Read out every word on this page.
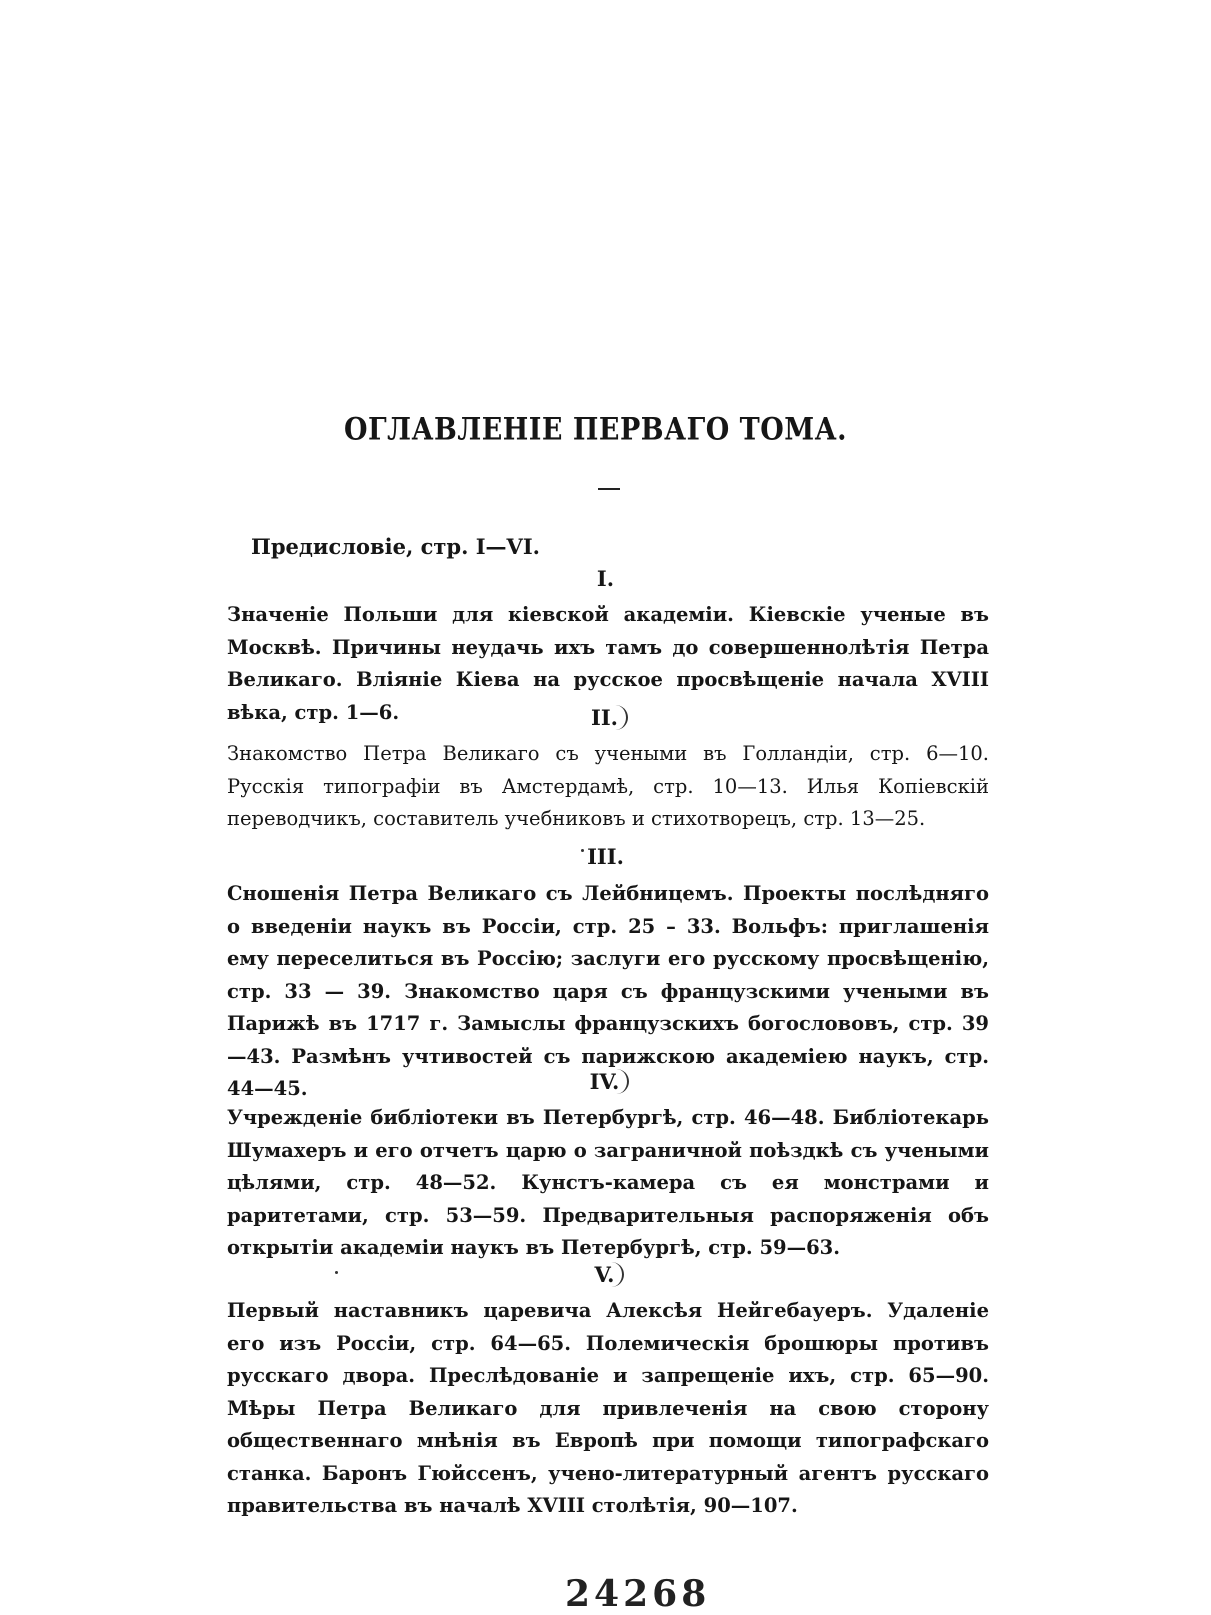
ОГЛАВЛЕНІЕ ПЕРВАГО ТОМА.
Предисловіе, стр. I—VI.
I.
Значеніе Польши для кіевской академіи. Кіевскіе ученые въ Москвѣ. Причины неудачь ихъ тамъ до совершеннолѣтія Петра Великаго. Вліяніе Кіева на русское просвѣщеніе начала XVIII вѣка, стр. 1—6.	II.
Знакомство Петра Великаго съ учеными въ Голландіи, стр. 6—10. Русскія типографіи въ Амстердамѣ, стр. 10—13. Илья Копіевскій переводчикъ, составитель учебниковъ и стихотворецъ, стр. 13—25.
III.
Сношенія Петра Великаго съ Лейбницемъ. Проекты послѣдняго о введеніи наукъ въ Россіи, стр. 25 – 33. Вольфъ: приглашенія ему переселиться въ Россію; заслуги его русскому просвѣщенію, стр. 33 — 39. Знакомство царя съ французскими учеными въ Парижѣ въ 1717 г. Замыслы французскихъ богослововъ, стр. 39—43. Размѣнъ учтивостей съ парижскою академіею наукъ, стр. 44—45.	IV.
Учрежденіе библіотеки въ Петербургѣ, стр. 46—48. Библіотекарь Шумахеръ и его отчетъ царю о заграничной поѣздкѣ съ учеными цѣлями, стр. 48—52. Кунстъ-камера съ ея монстрами и раритетами, стр. 53—59. Предварительныя распоряженія объ открытіи академіи наукъ въ Петербургѣ, стр. 59—63.
V.
Первый наставникъ царевича Алексѣя Нейгебауеръ. Удаленіе его изъ Россіи, стр. 64—65. Полемическія брошюры противъ русскаго двора. Преслѣдованіе и запрещеніе ихъ, стр. 65—90. Мѣры Петра Великаго для привлеченія на свою сторону общественнаго мнѣнія въ Европѣ при помощи типографскаго станка. Баронъ Гюйссенъ, учено-литературный агентъ русскаго правительства въ началѣ XVIII столѣтія, 90—107.
24268
